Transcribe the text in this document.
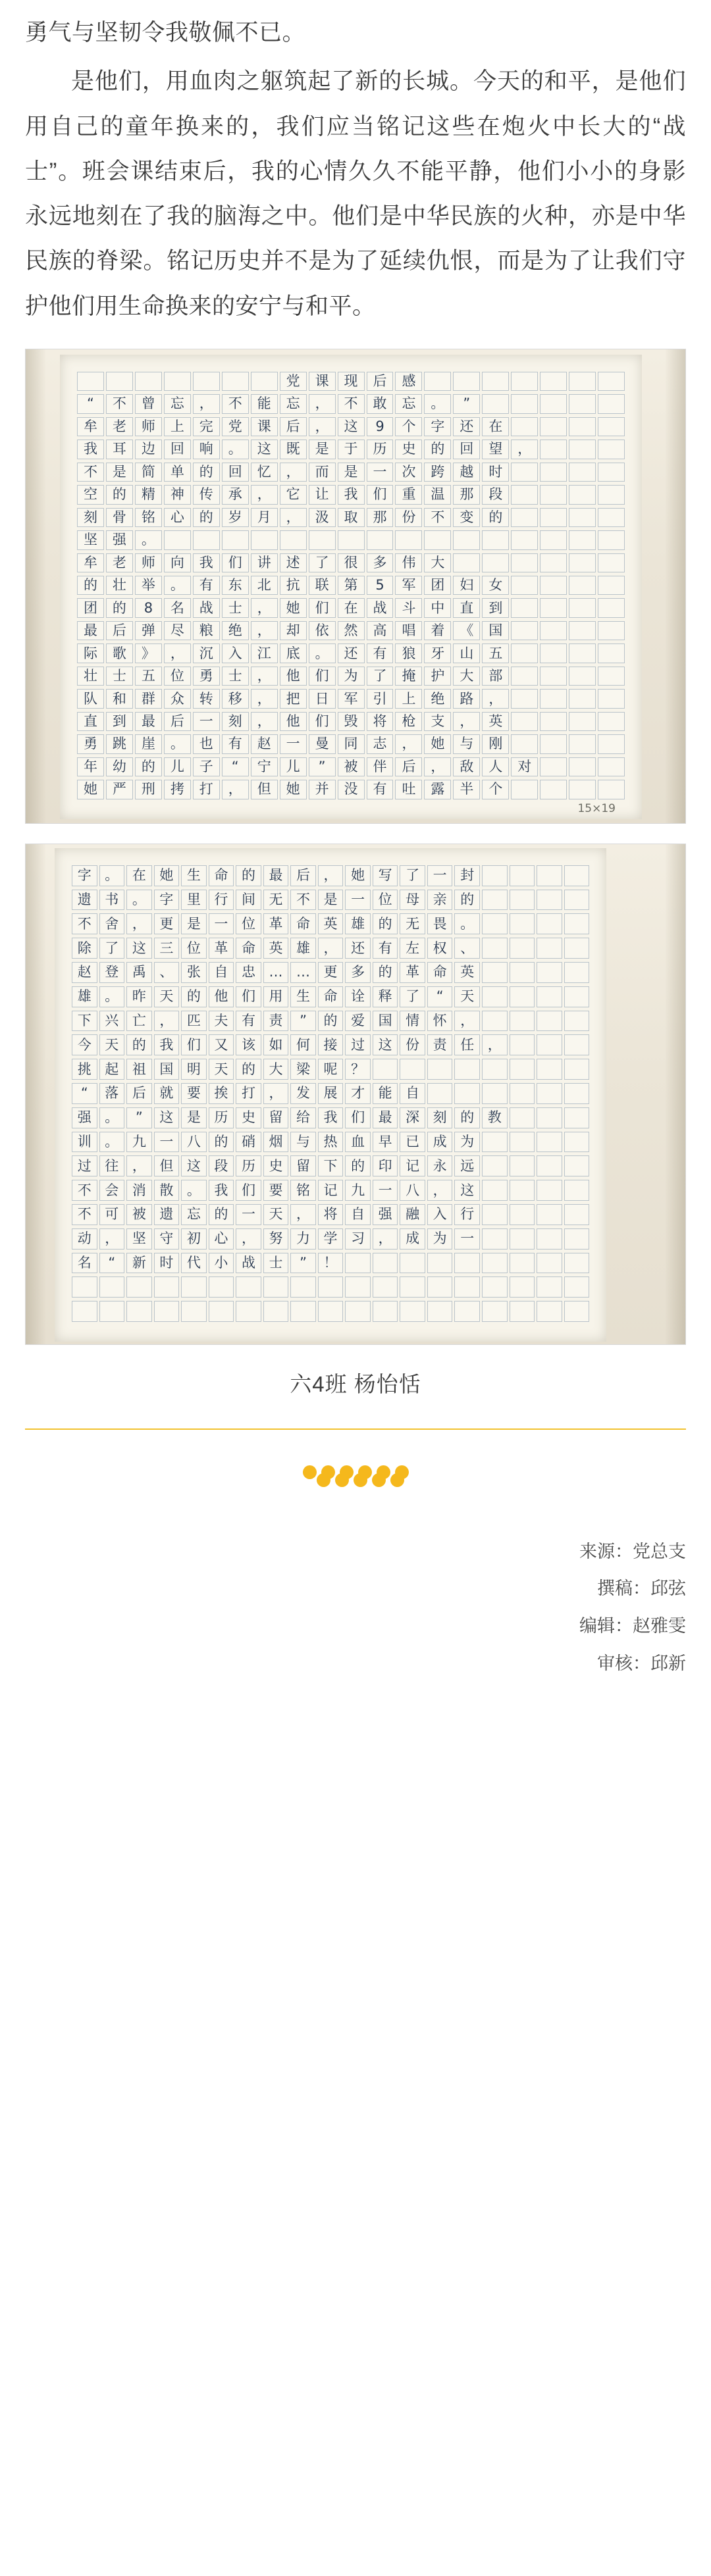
勇气与坚韧令我敬佩不已。

是他们，用血肉之躯筑起了新的长城。今天的和平，是他们用自己的童年换来的，我们应当铭记这些在炮火中长大的“战士”。班会课结束后，我的心情久久不能平静，他们小小的身影永远地刻在了我的脑海之中。他们是中华民族的火种，亦是中华民族的脊梁。铭记历史并不是为了延续仇恨，而是为了让我们守护他们用生命换来的安宁与和平。

党	课	现	后	感
“	不	曾	忘	，	不	能	忘	，	不	敢	忘	。	”
牟	老	师	上	完	党	课	后	，	这	9	个	字	还	在
我	耳	边	回	响	。	这	既	是	于	历	史	的	回	望	，
不	是	简	单	的	回	忆	，	而	是	一	次	跨	越	时
空	的	精	神	传	承	，	它	让	我	们	重	温	那	段
刻	骨	铭	心	的	岁	月	，	汲	取	那	份	不	变	的
坚	强	。
牟	老	师	向	我	们	讲	述	了	很	多	伟	大
的	壮	举	。	有	东	北	抗	联	第	5	军	团	妇	女
团	的	8	名	战	士	，	她	们	在	战	斗	中	直	到
最	后	弹	尽	粮	绝	，	却	依	然	高	唱	着	《	国
际	歌	》	，	沉	入	江	底	。	还	有	狼	牙	山	五
壮	士	五	位	勇	士	，	他	们	为	了	掩	护	大	部
队	和	群	众	转	移	，	把	日	军	引	上	绝	路	，
直	到	最	后	一	刻	，	他	们	毁	将	枪	支	，	英
勇	跳	崖	。	也	有	赵	一	曼	同	志	，	她	与	刚
年	幼	的	儿	子	“	宁	儿	”	被	伴	后	，	敌	人	对
她	严	刑	拷	打	，	但	她	并	没	有	吐	露	半	个
15×19
字 。 在 她 生 命 的 最 后 ， 她 写 了 一 封
遗 书 。 字 里 行 间 无 不 是 一 位 母 亲 的
不 舍 ， 更 是 一 位 革 命 英 雄 的 无 畏 。
除 了 这 三 位 革 命 英 雄 ， 还 有 左 权 、
赵 登 禹 、 张 自 忠 … … 更 多 的 革 命 英
雄 。 昨 天 的 他 们 用 生 命 诠 释 了	“	天
下 兴 亡 ， 匹 夫 有 责	”	的 爱 国 情 怀 ，
今 天 的 我 们 又 该 如 何 接 过 这 份 责 任 ，
挑 起 祖 国 明 天 的 大 梁 呢 ？
“	落 后 就 要 挨 打 ， 发 展 才 能 自
强 。	”	这 是 历 史 留 给 我 们 最 深 刻 的 教
训 。 九 一 八 的 硝 烟 与 热 血 早 已 成 为
过 往 ， 但 这 段 历 史 留 下 的 印 记 永 远
不 会 消 散 。 我 们 要 铭 记 九 一 八 ， 这
不 可 被 遗 忘 的 一 天 ， 将 自 强 融 入 行
动 ， 坚 守 初 心 ， 努 力 学 习 ， 成 为 一
名	“	新 时 代 小 战 士	”	！
六4班 杨怡恬
来源：党总支
撰稿：邱弦
编辑：赵雅雯
审核：邱新
